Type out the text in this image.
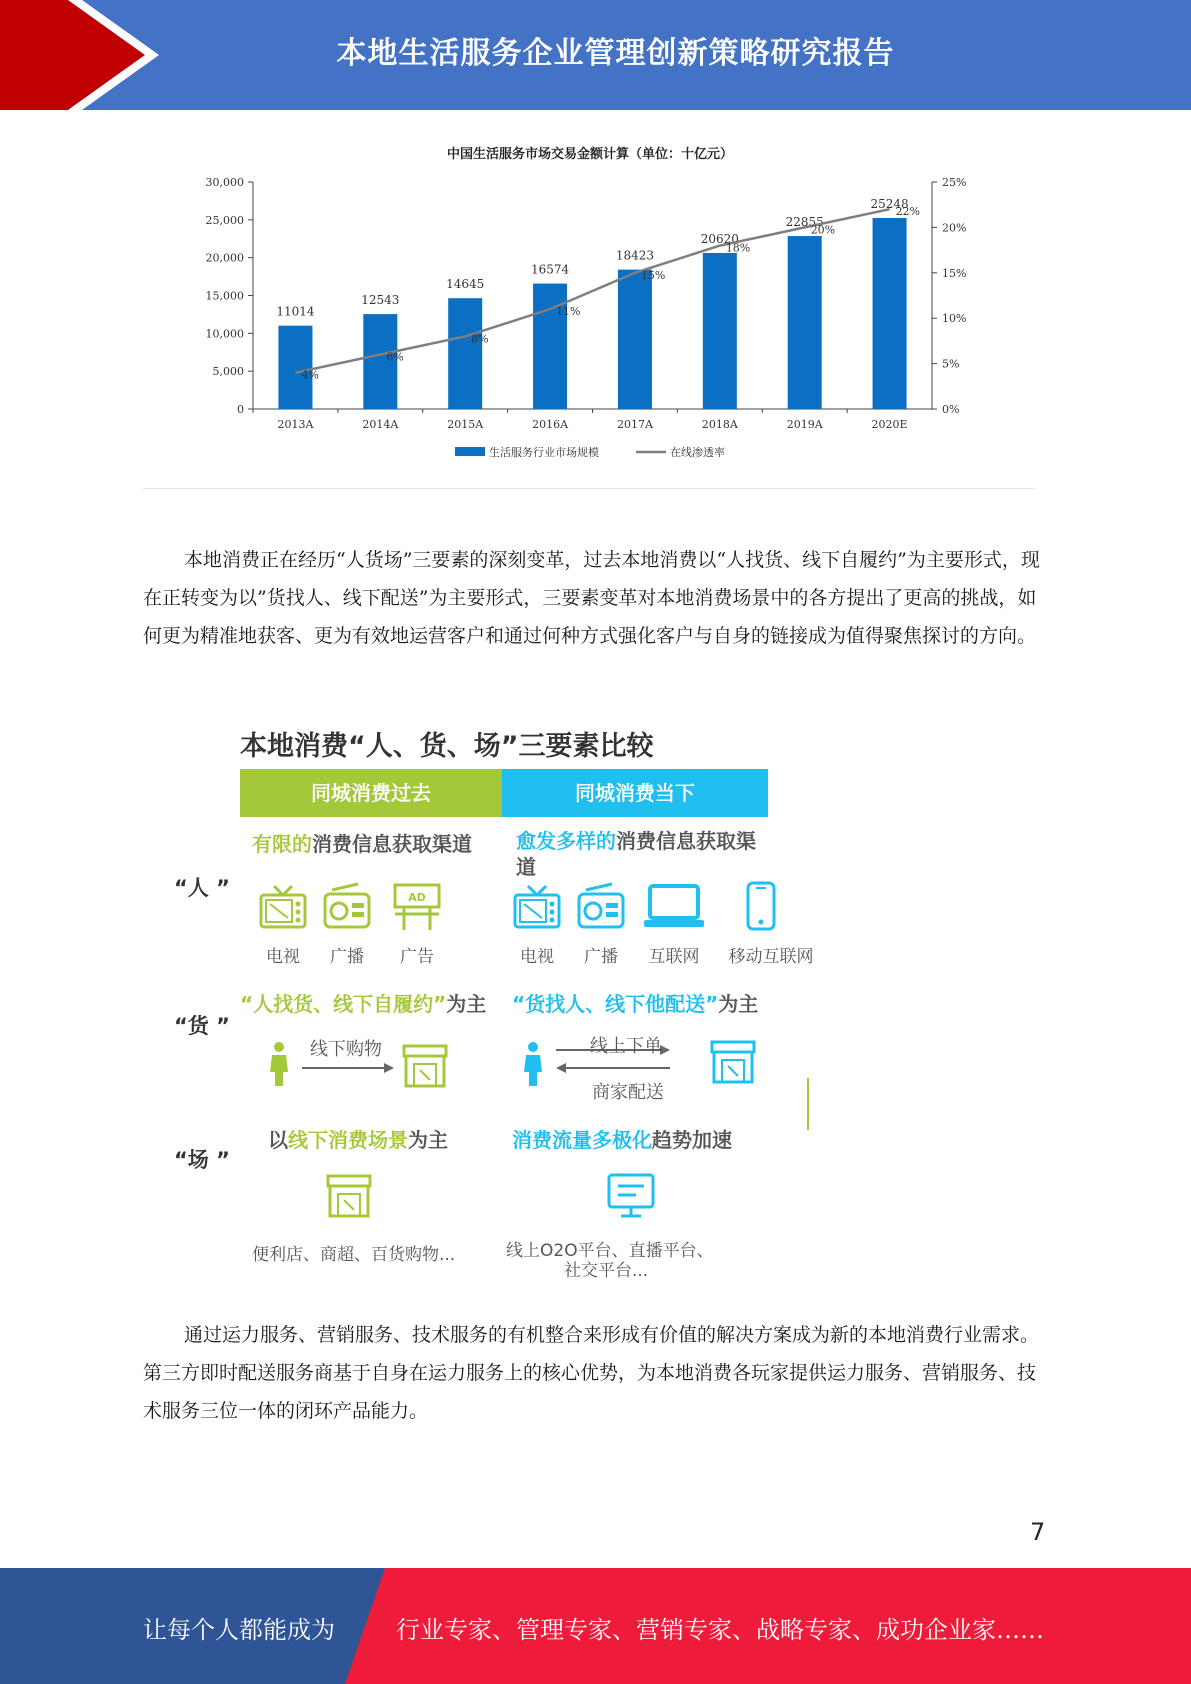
本地生活服务企业管理创新策略研究报告
中国生活服务市场交易金额计算（单位：十亿元）
0
5,000
10,000
15,000
20,000
25,000
30,000
0%
5%
10%
15%
20%
25%
11014
2013A
12543
2014A
14645
2015A
16574
2016A
18423
2017A
20620
2018A
22855
2019A
25248
2020E
4%
6%
8%
11%
15%
18%
20%
22%
生活服务行业市场规模	在线渗透率
本地消费正在经历“人货场”三要素的深刻变革，过去本地消费以“人找货、线下自履约”为主要形式，现在正转变为以”货找人、线下配送”为主要形式，三要素变革对本地消费场景中的各方提出了更高的挑战，如何更为精准地获客、更为有效地运营客户和通过何种方式强化客户与自身的链接成为值得聚焦探讨的方向。
本地消费“人、货、场”三要素比较
同城消费过去	同城消费当下
“人 ”
有限的消费信息获取渠道 愈发多样的消费信息获取渠道
AD
电视	广播	广告	电视	广播	互联网	移动互联网
“货 ”
“人找货、线下自履约”为主 “货找人、线下他配送”为主
线下购物	线上下单
商家配送
“场 ”
以线下消费场景为主	消费流量多极化趋势加速
便利店、商超、百货购物...	线上O2O平台、直播平台、
社交平台...
通过运力服务、营销服务、技术服务的有机整合来形成有价值的解决方案成为新的本地消费行业需求。第三方即时配送服务商基于自身在运力服务上的核心优势，为本地消费各玩家提供运力服务、营销服务、技术服务三位一体的闭环产品能力。
7
让每个人都能成为	行业专家、管理专家、营销专家、战略专家、成功企业家……
